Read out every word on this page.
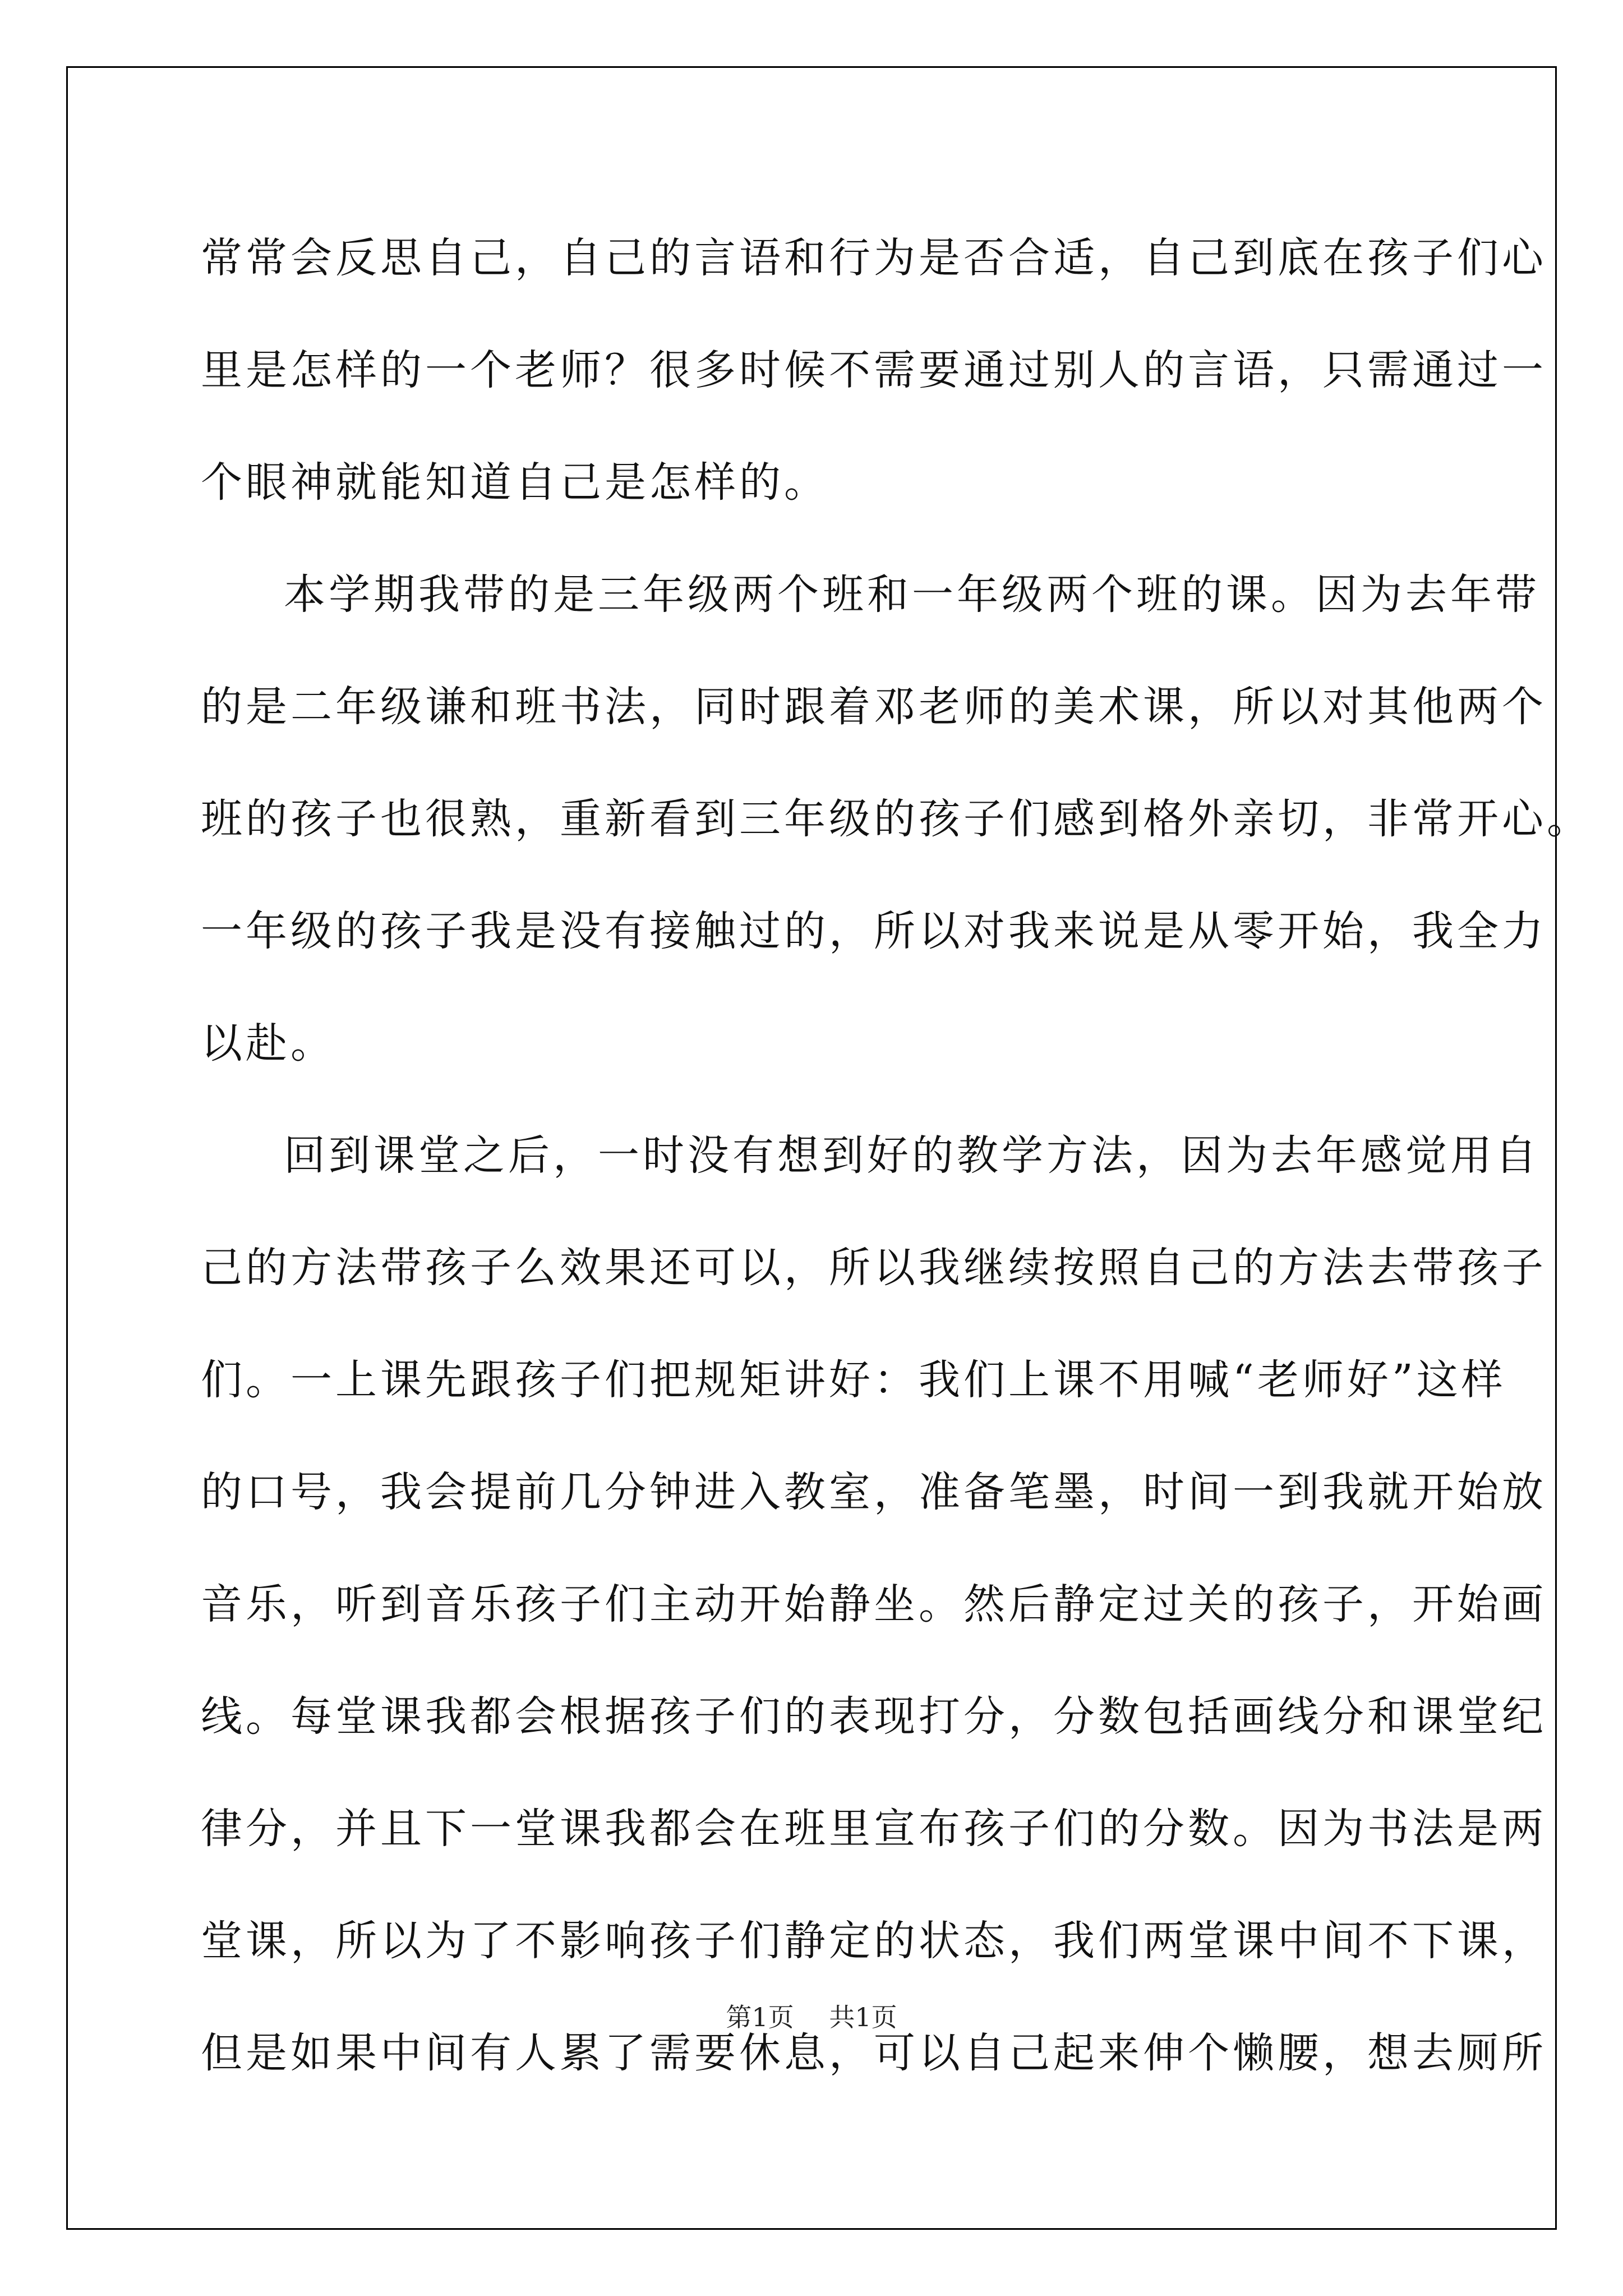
常常会反思自己，自己的言语和行为是否合适，自己到底在孩子们心
里是怎样的一个老师？很多时候不需要通过别人的言语，只需通过一
个眼神就能知道自己是怎样的。
本学期我带的是三年级两个班和一年级两个班的课。因为去年带
的是二年级谦和班书法，同时跟着邓老师的美术课，所以对其他两个
班的孩子也很熟，重新看到三年级的孩子们感到格外亲切，非常开心。
一年级的孩子我是没有接触过的，所以对我来说是从零开始，我全力
以赴。
回到课堂之后，一时没有想到好的教学方法，因为去年感觉用自
己的方法带孩子么效果还可以，所以我继续按照自己的方法去带孩子
们。一上课先跟孩子们把规矩讲好：我们上课不用喊“老师好”这样
的口号，我会提前几分钟进入教室，准备笔墨，时间一到我就开始放
音乐，听到音乐孩子们主动开始静坐。然后静定过关的孩子，开始画
线。每堂课我都会根据孩子们的表现打分，分数包括画线分和课堂纪
律分，并且下一堂课我都会在班里宣布孩子们的分数。因为书法是两
堂课，所以为了不影响孩子们静定的状态，我们两堂课中间不下课，
但是如果中间有人累了需要休息，可以自己起来伸个懒腰，想去厕所
第1页 共1页
